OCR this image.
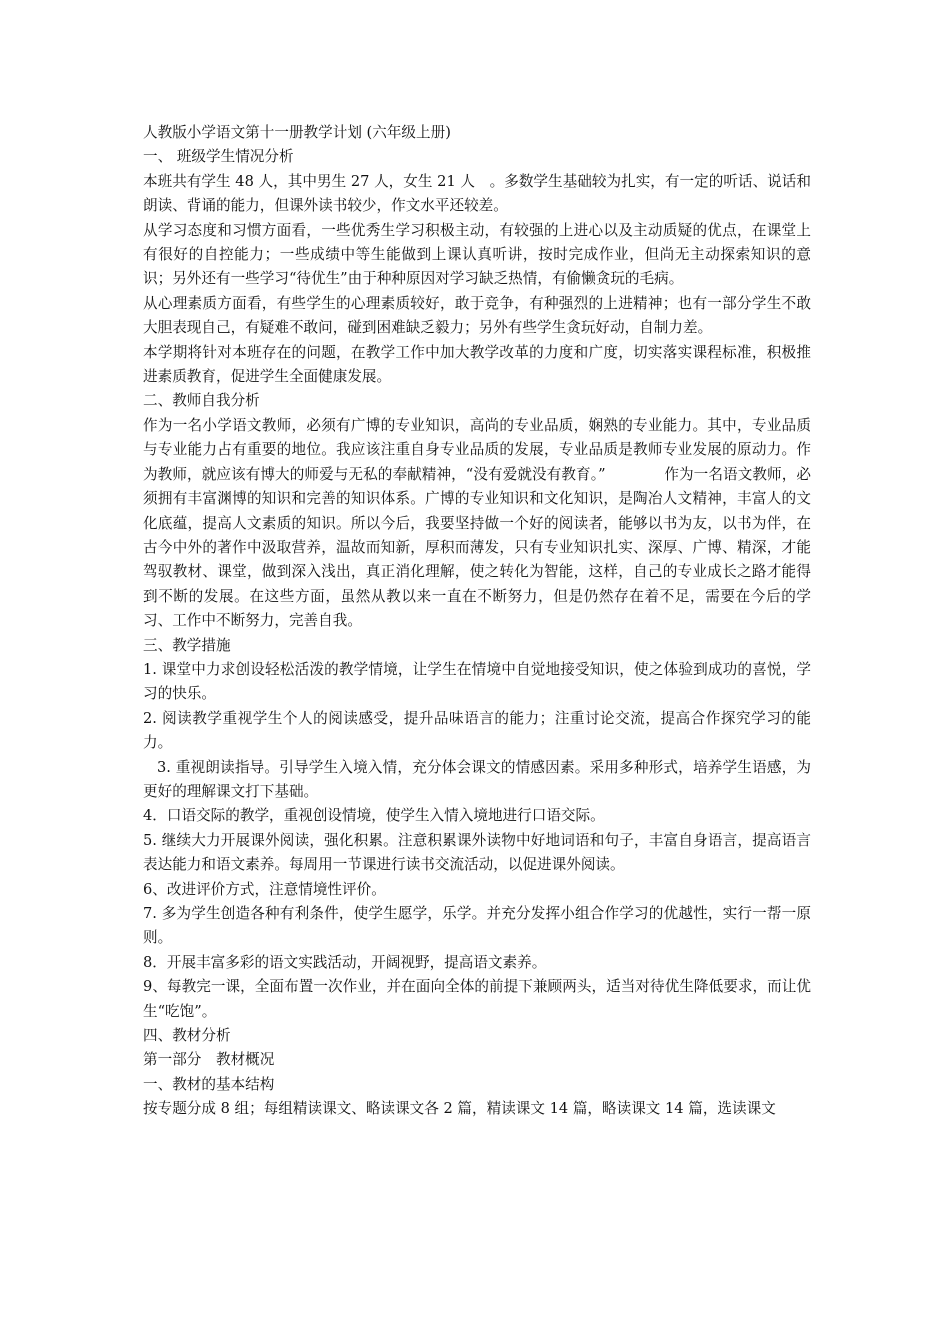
人教版小学语文第十一册教学计划 (六年级上册)

一、 班级学生情况分析

本班共有学生 48 人，其中男生 27 人，女生 21 人　。多数学生基础较为扎实，有一定的听话、说话和朗读、背诵的能力，但课外读书较少，作文水平还较差。

从学习态度和习惯方面看，一些优秀生学习积极主动，有较强的上进心以及主动质疑的优点，在课堂上有很好的自控能力；一些成绩中等生能做到上课认真听讲，按时完成作业，但尚无主动探索知识的意识；另外还有一些学习“待优生”由于种种原因对学习缺乏热情，有偷懒贪玩的毛病。

从心理素质方面看，有些学生的心理素质较好，敢于竞争，有种强烈的上进精神；也有一部分学生不敢大胆表现自己，有疑难不敢问，碰到困难缺乏毅力；另外有些学生贪玩好动，自制力差。

本学期将针对本班存在的问题，在教学工作中加大教学改革的力度和广度，切实落实课程标准，积极推进素质教育，促进学生全面健康发展。

二、教师自我分析

作为一名小学语文教师，必须有广博的专业知识，高尚的专业品质，娴熟的专业能力。其中，专业品质与专业能力占有重要的地位。我应该注重自身专业品质的发展，专业品质是教师专业发展的原动力。作为教师，就应该有博大的师爱与无私的奉献精神，“没有爱就没有教育。”　　　　作为一名语文教师，必须拥有丰富渊博的知识和完善的知识体系。广博的专业知识和文化知识，是陶冶人文精神，丰富人的文化底蕴，提高人文素质的知识。所以今后，我要坚持做一个好的阅读者，能够以书为友，以书为伴，在古今中外的著作中汲取营养，温故而知新，厚积而薄发，只有专业知识扎实、深厚、广博、精深，才能驾驭教材、课堂，做到深入浅出，真正消化理解，使之转化为智能，这样，自己的专业成长之路才能得到不断的发展。在这些方面，虽然从教以来一直在不断努力，但是仍然存在着不足，需要在今后的学习、工作中不断努力，完善自我。

三、教学措施

1. 课堂中力求创设轻松活泼的教学情境，让学生在情境中自觉地接受知识，使之体验到成功的喜悦，学习的快乐。

2. 阅读教学重视学生个人的阅读感受，提升品味语言的能力；注重讨论交流，提高合作探究学习的能力。

3. 重视朗读指导。引导学生入境入情，充分体会课文的情感因素。采用多种形式，培养学生语感，为更好的理解课文打下基础。

4．口语交际的教学，重视创设情境，使学生入情入境地进行口语交际。

5. 继续大力开展课外阅读，强化积累。注意积累课外读物中好地词语和句子，丰富自身语言，提高语言表达能力和语文素养。每周用一节课进行读书交流活动，以促进课外阅读。

6、改进评价方式，注意情境性评价。

7. 多为学生创造各种有利条件，使学生愿学，乐学。并充分发挥小组合作学习的优越性，实行一帮一原则。

8．开展丰富多彩的语文实践活动，开阔视野，提高语文素养。

9、每教完一课，全面布置一次作业，并在面向全体的前提下兼顾两头，适当对待优生降低要求，而让优生“吃饱”。

四、教材分析

第一部分　教材概况

一、教材的基本结构

按专题分成 8 组；每组精读课文、略读课文各 2 篇，精读课文 14 篇，略读课文 14 篇，选读课文
